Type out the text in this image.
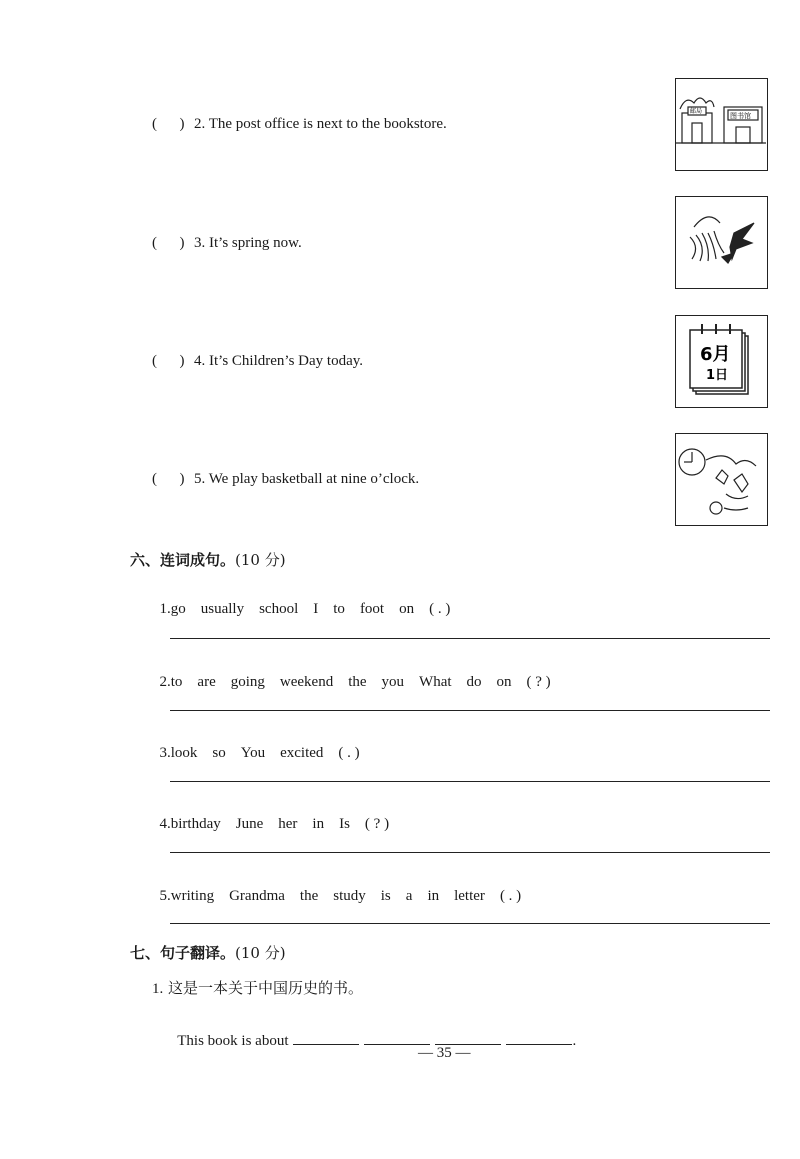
(      )

2. The post office is next to the bookstore.

邮局
图书馆

(      )

3. It’s spring now.

(      )

4. It’s Children’s Day today.	6月
1日

(      )

5. We play basketball at nine o’clock.

六、连词成句。(10 分)

1.go usually school I to foot on ( . )

2.to are going weekend the you What do on ( ? )

3.look so You excited ( . )

4.birthday June her in Is ( ? )

5.writing Grandma the study is a in letter ( . )

七、句子翻译。(10 分)
1. 这是一本关于中国历史的书。

This book is about	.

— 35 —
